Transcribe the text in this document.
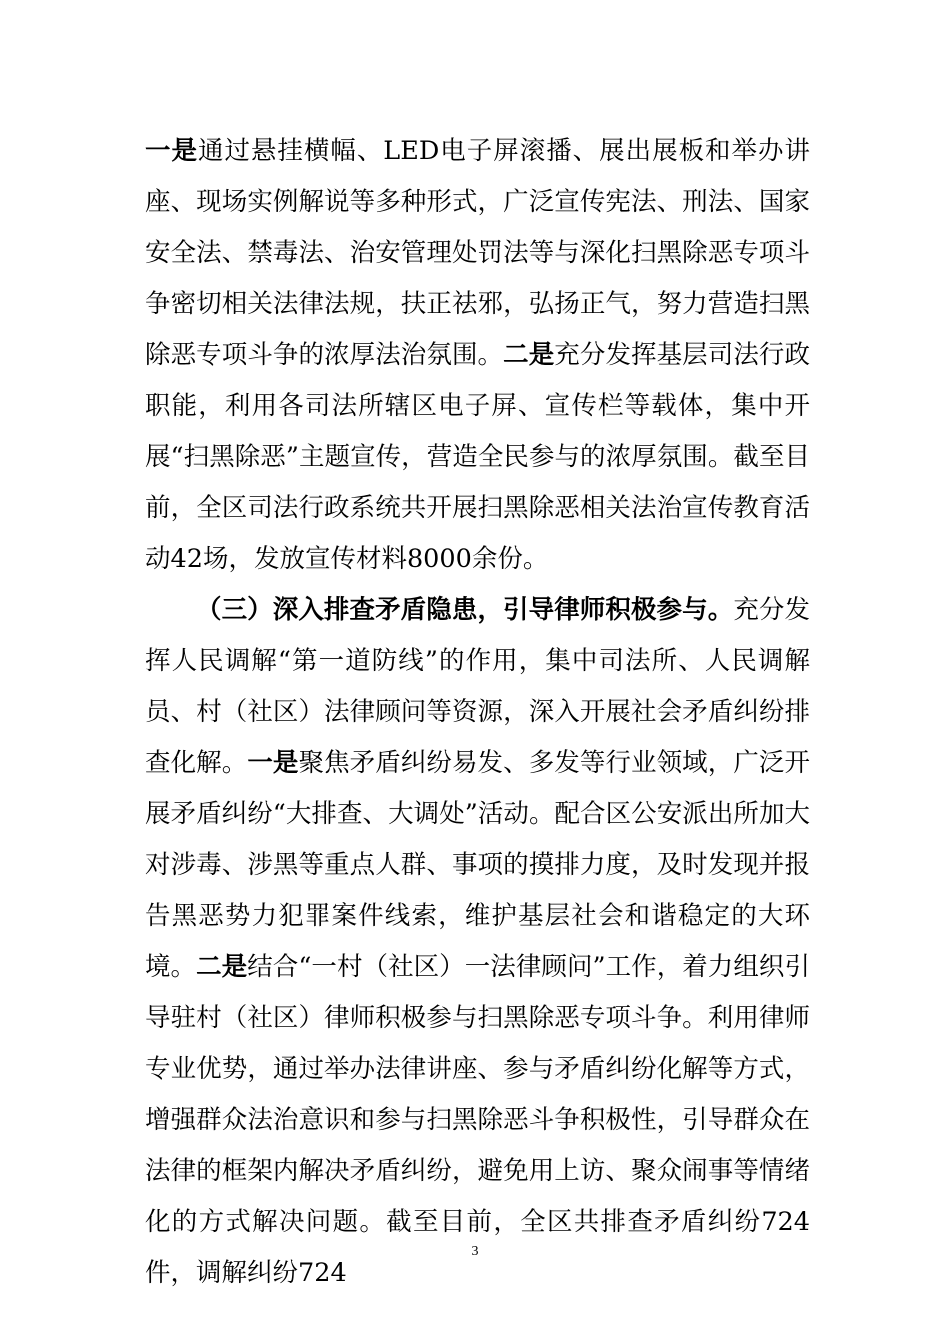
一是通过悬挂横幅、LED电子屏滚播、展出展板和举办讲座、现场实例解说等多种形式，广泛宣传宪法、刑法、国家安全法、禁毒法、治安管理处罚法等与深化扫黑除恶专项斗争密切相关法律法规，扶正祛邪，弘扬正气，努力营造扫黑除恶专项斗争的浓厚法治氛围。二是充分发挥基层司法行政职能，利用各司法所辖区电子屏、宣传栏等载体，集中开展“扫黑除恶”主题宣传，营造全民参与的浓厚氛围。截至目前，全区司法行政系统共开展扫黑除恶相关法治宣传教育活动42场，发放宣传材料8000余份。

（三）深入排查矛盾隐患，引导律师积极参与。充分发挥人民调解“第一道防线”的作用，集中司法所、人民调解员、村（社区）法律顾问等资源，深入开展社会矛盾纠纷排查化解。一是聚焦矛盾纠纷易发、多发等行业领域，广泛开展矛盾纠纷“大排查、大调处”活动。配合区公安派出所加大对涉毒、涉黑等重点人群、事项的摸排力度，及时发现并报告黑恶势力犯罪案件线索，维护基层社会和谐稳定的大环境。二是结合“一村（社区）一法律顾问”工作，着力组织引导驻村（社区）律师积极参与扫黑除恶专项斗争。利用律师专业优势，通过举办法律讲座、参与矛盾纠纷化解等方式，增强群众法治意识和参与扫黑除恶斗争积极性，引导群众在法律的框架内解决矛盾纠纷，避免用上访、聚众闹事等情绪化的方式解决问题。截至目前，全区共排查矛盾纠纷724件，调解纠纷724

3
